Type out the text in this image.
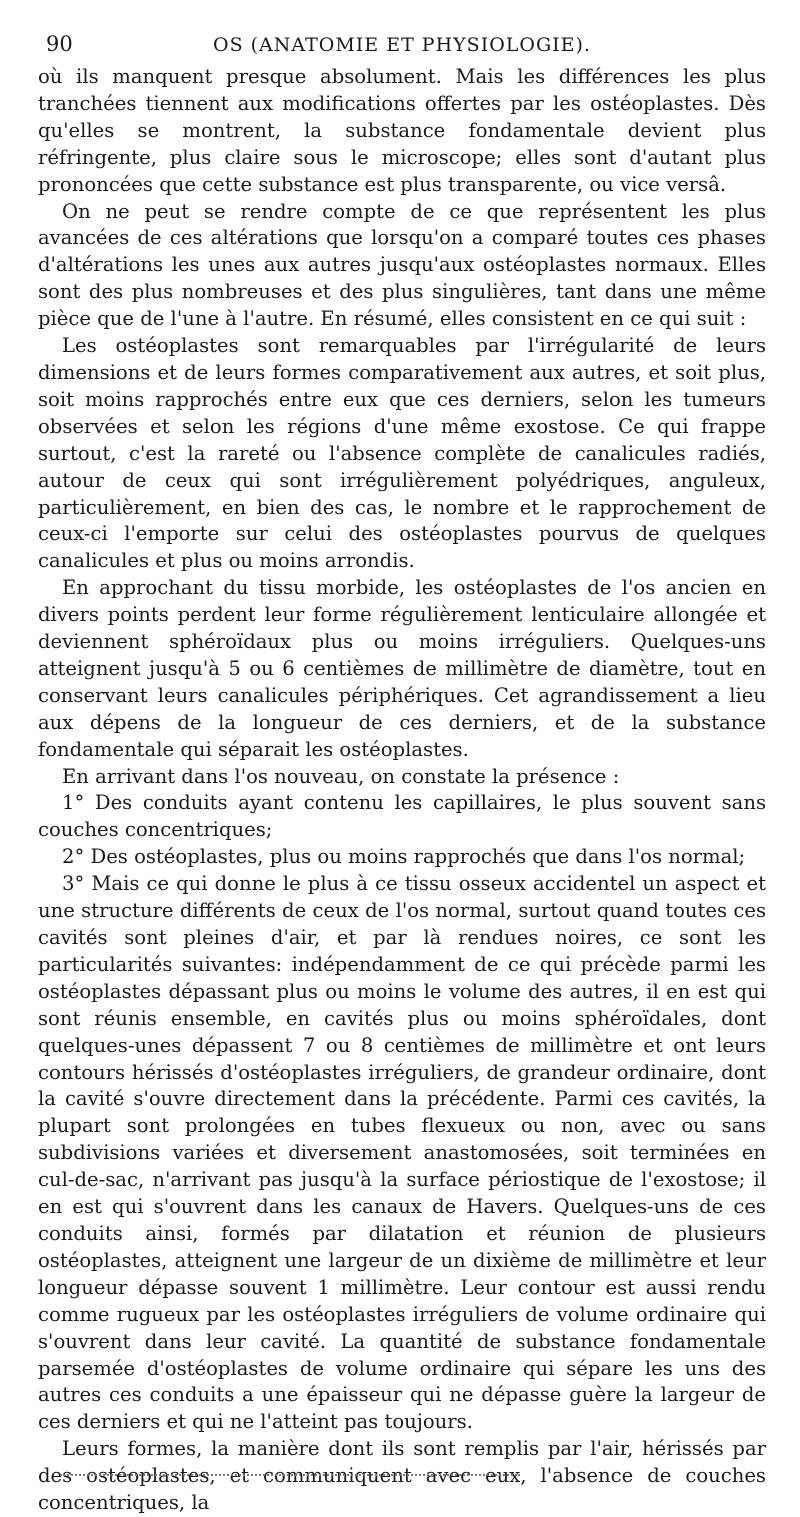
90	OS (ANATOMIE ET PHYSIOLOGIE).

où ils manquent presque absolument. Mais les différences les plus tranchées tiennent aux modifications offertes par les ostéoplastes. Dès qu'elles se montrent, la substance fondamentale devient plus réfringente, plus claire sous le microscope; elles sont d'autant plus prononcées que cette substance est plus transparente, ou vice versâ.

On ne peut se rendre compte de ce que représentent les plus avancées de ces altérations que lorsqu'on a comparé toutes ces phases d'altérations les unes aux autres jusqu'aux ostéoplastes normaux. Elles sont des plus nombreuses et des plus singulières, tant dans une même pièce que de l'une à l'autre. En résumé, elles consistent en ce qui suit :

Les ostéoplastes sont remarquables par l'irrégularité de leurs dimensions et de leurs formes comparativement aux autres, et soit plus, soit moins rapprochés entre eux que ces derniers, selon les tumeurs observées et selon les régions d'une même exostose. Ce qui frappe surtout, c'est la rareté ou l'absence complète de canalicules radiés, autour de ceux qui sont irrégulièrement polyédriques, anguleux, particulièrement, en bien des cas, le nombre et le rapprochement de ceux-ci l'emporte sur celui des ostéoplastes pourvus de quelques canalicules et plus ou moins arrondis.

En approchant du tissu morbide, les ostéoplastes de l'os ancien en divers points perdent leur forme régulièrement lenticulaire allongée et deviennent sphéroïdaux plus ou moins irréguliers. Quelques-uns atteignent jusqu'à 5 ou 6 centièmes de millimètre de diamètre, tout en conservant leurs canalicules périphériques. Cet agrandissement a lieu aux dépens de la longueur de ces derniers, et de la substance fondamentale qui séparait les ostéoplastes.

En arrivant dans l'os nouveau, on constate la présence :

1° Des conduits ayant contenu les capillaires, le plus souvent sans couches concentriques;

2° Des ostéoplastes, plus ou moins rapprochés que dans l'os normal;

3° Mais ce qui donne le plus à ce tissu osseux accidentel un aspect et une structure différents de ceux de l'os normal, surtout quand toutes ces cavités sont pleines d'air, et par là rendues noires, ce sont les particularités suivantes: indépendamment de ce qui précède parmi les ostéoplastes dépassant plus ou moins le volume des autres, il en est qui sont réunis ensemble, en cavités plus ou moins sphéroïdales, dont quelques-unes dépassent 7 ou 8 centièmes de millimètre et ont leurs contours hérissés d'ostéoplastes irréguliers, de grandeur ordinaire, dont la cavité s'ouvre directement dans la précédente. Parmi ces cavités, la plupart sont prolongées en tubes flexueux ou non, avec ou sans subdivisions variées et diversement anastomosées, soit terminées en cul-de-sac, n'arrivant pas jusqu'à la surface périostique de l'exostose; il en est qui s'ouvrent dans les canaux de Havers. Quelques-uns de ces conduits ainsi, formés par dilatation et réunion de plusieurs ostéoplastes, atteignent une largeur de un dixième de millimètre et leur longueur dépasse souvent 1 millimètre. Leur contour est aussi rendu comme rugueux par les ostéoplastes irréguliers de volume ordinaire qui s'ouvrent dans leur cavité. La quantité de substance fondamentale parsemée d'ostéoplastes de volume ordinaire qui sépare les uns des autres ces conduits a une épaisseur qui ne dépasse guère la largeur de ces derniers et qui ne l'atteint pas toujours.

Leurs formes, la manière dont ils sont remplis par l'air, hérissés par des ostéoplastes, et communiquent avec eux, l'absence de couches concentriques, la
